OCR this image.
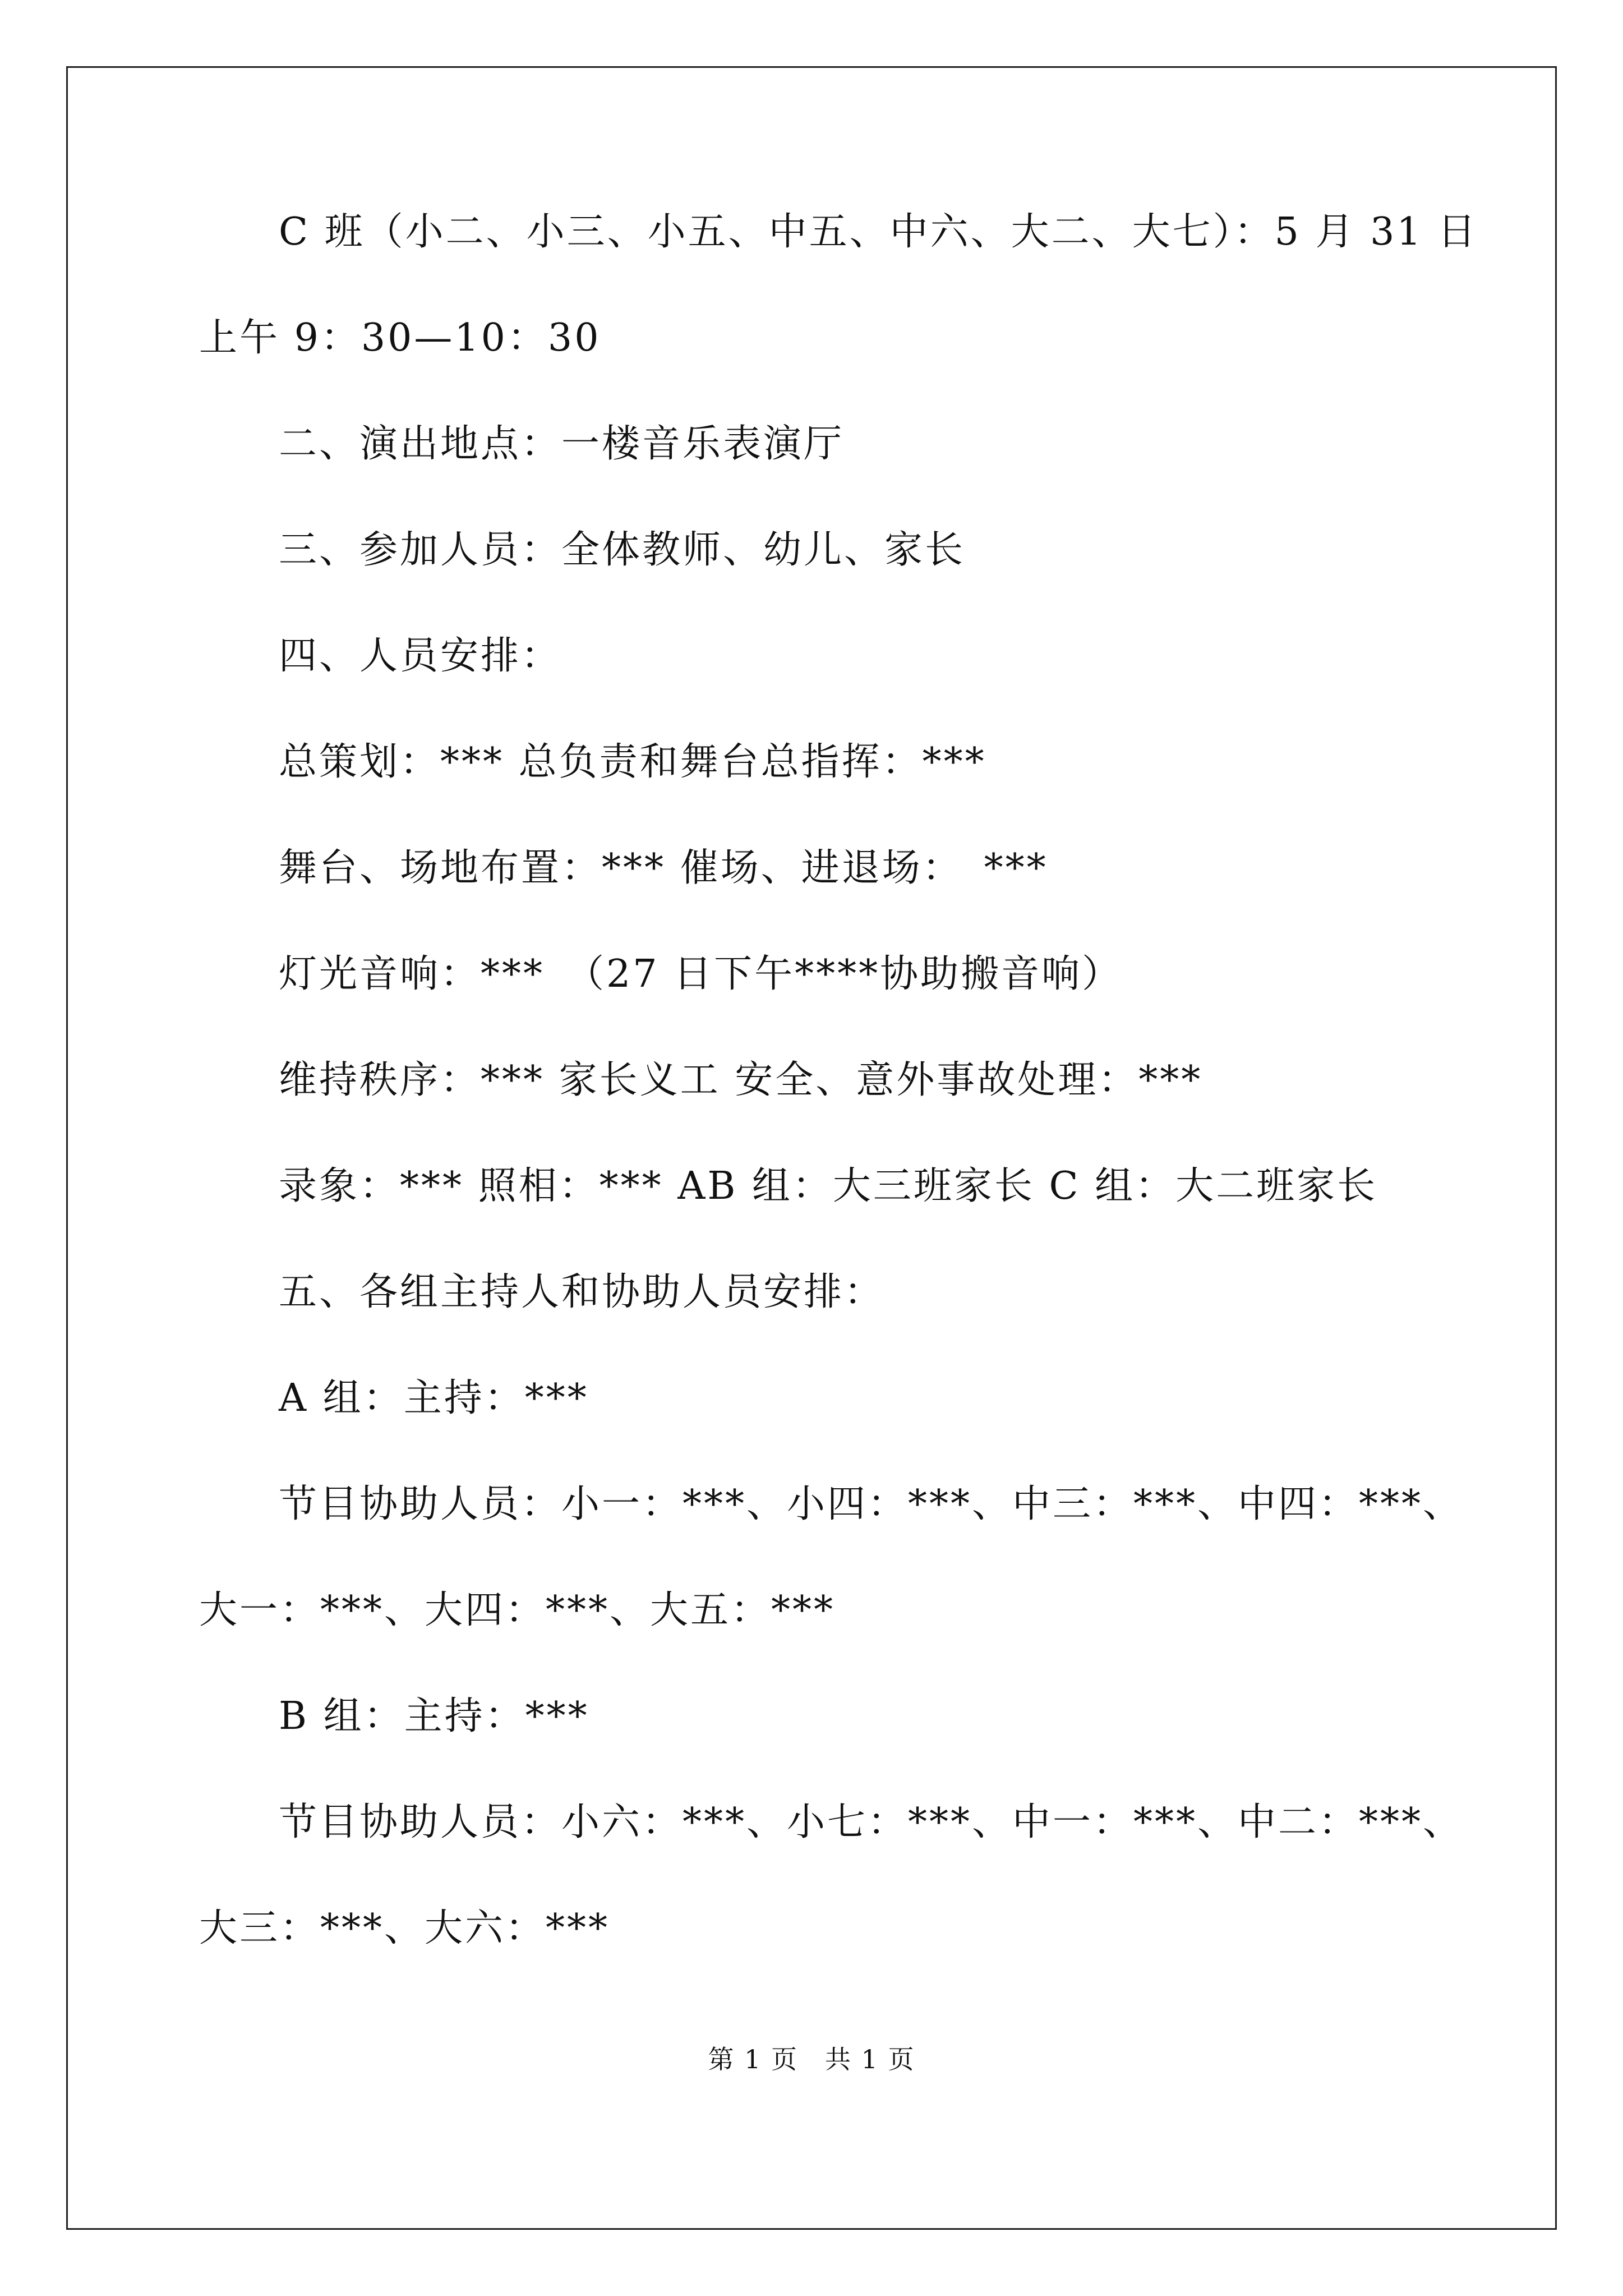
C 班（小二、小三、小五、中五、中六、大二、大七）：5 月 31 日
上午 9：30—10：30
二、演出地点：一楼音乐表演厅
三、参加人员：全体教师、幼儿、家长
四、人员安排：
总策划：*** 总负责和舞台总指挥：***
舞台、场地布置：*** 催场、进退场：　***
灯光音响：***　（27 日下午****协助搬音响）
维持秩序：*** 家长义工 安全、意外事故处理：***
录象：*** 照相：*** AB 组：大三班家长 C 组：大二班家长
五、各组主持人和协助人员安排：
A 组：主持：***
节目协助人员：小一：***、小四：***、中三：***、中四：***、
大一：***、大四：***、大五：***
B 组：主持：***
节目协助人员：小六：***、小七：***、中一：***、中二：***、
大三：***、大六：***
第 1 页　共 1 页
